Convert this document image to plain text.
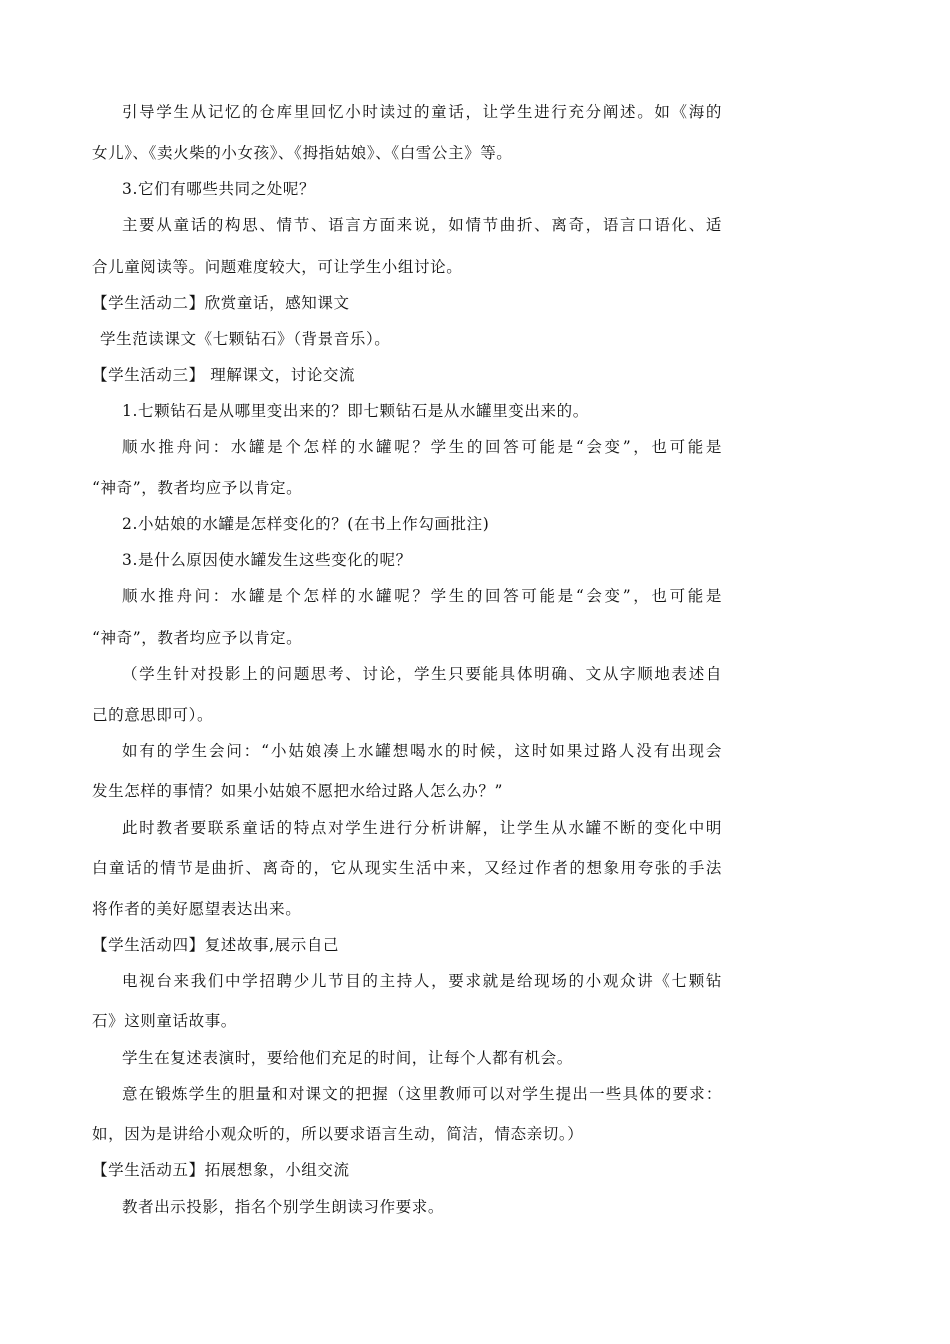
引导学生从记忆的仓库里回忆小时读过的童话，让学生进行充分阐述。如《海的
女儿》、《卖火柴的小女孩》、《拇指姑娘》、《白雪公主》等。
3.它们有哪些共同之处呢？
主要从童话的构思、情节、语言方面来说，如情节曲折、离奇，语言口语化、适
合儿童阅读等。问题难度较大，可让学生小组讨论。
【学生活动二】欣赏童话，感知课文
学生范读课文《七颗钻石》（背景音乐）。
【学生活动三】 理解课文，讨论交流
1.七颗钻石是从哪里变出来的？即七颗钻石是从水罐里变出来的。
顺水推舟问：水罐是个怎样的水罐呢？学生的回答可能是“会变”，也可能是
“神奇”，教者均应予以肯定。
2.小姑娘的水罐是怎样变化的？(在书上作勾画批注)
3.是什么原因使水罐发生这些变化的呢？
顺水推舟问：水罐是个怎样的水罐呢？学生的回答可能是“会变”，也可能是
“神奇”，教者均应予以肯定。
（学生针对投影上的问题思考、讨论，学生只要能具体明确、文从字顺地表述自
己的意思即可）。
如有的学生会问：“小姑娘凑上水罐想喝水的时候，这时如果过路人没有出现会
发生怎样的事情？如果小姑娘不愿把水给过路人怎么办？”
此时教者要联系童话的特点对学生进行分析讲解，让学生从水罐不断的变化中明
白童话的情节是曲折、离奇的，它从现实生活中来，又经过作者的想象用夸张的手法
将作者的美好愿望表达出来。
【学生活动四】复述故事,展示自己
电视台来我们中学招聘少儿节目的主持人，要求就是给现场的小观众讲《七颗钻
石》这则童话故事。
学生在复述表演时，要给他们充足的时间，让每个人都有机会。
意在锻炼学生的胆量和对课文的把握（这里教师可以对学生提出一些具体的要求：
如，因为是讲给小观众听的，所以要求语言生动，简洁，情态亲切。）
【学生活动五】拓展想象，小组交流
教者出示投影，指名个别学生朗读习作要求。
